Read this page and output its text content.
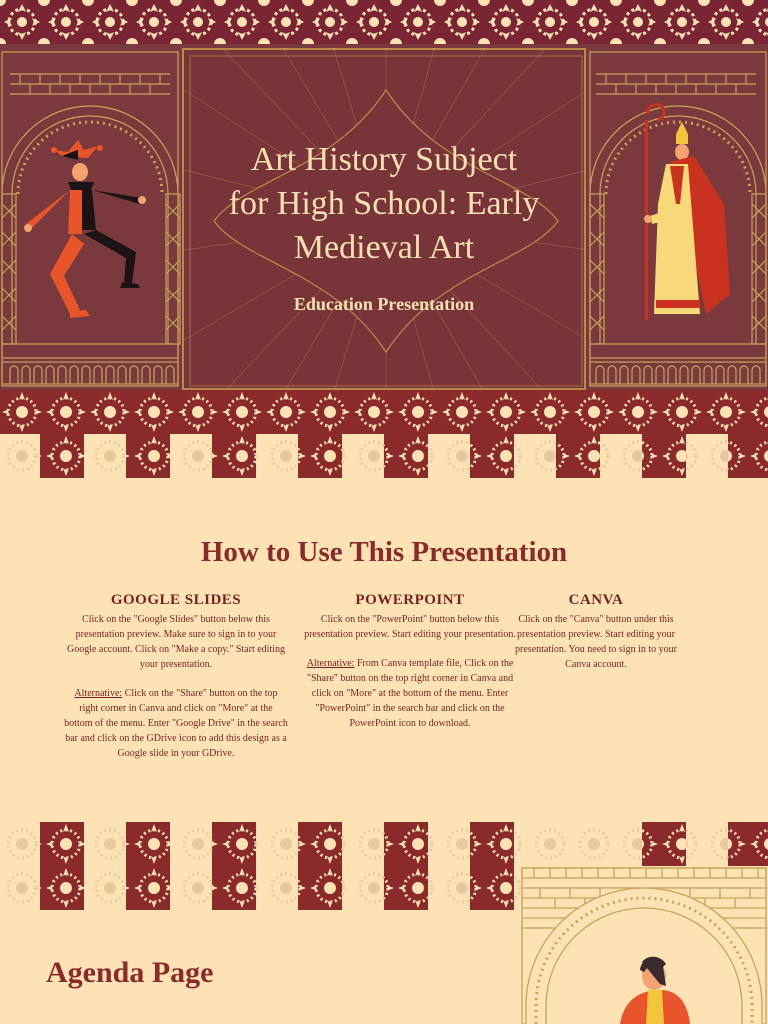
Art History Subject
for High School: Early
Medieval Art
Education Presentation
How to Use This Presentation
GOOGLE SLIDES

Click on the "Google Slides" button below this presentation preview. Make sure to sign in to your Google account. Click on "Make a copy." Start editing your presentation.

Alternative: Click on the "Share" button on the top right corner in Canva and click on "More" at the bottom of the menu. Enter "Google Drive" in the search bar and click on the GDrive icon to add this design as a Google slide in your GDrive.

POWERPOINT

Click on the "PowerPoint" button below this presentation preview. Start editing your presentation.

Alternative: From Canva template file, Click on the "Share" button on the top right corner in Canva and click on "More" at the bottom of the menu. Enter "PowerPoint" in the search bar and click on the PowerPoint icon to download.

CANVA

Click on the "Canva" button under this presentation preview. Start editing your presentation. You need to sign in to your Canva account.

Agenda Page
